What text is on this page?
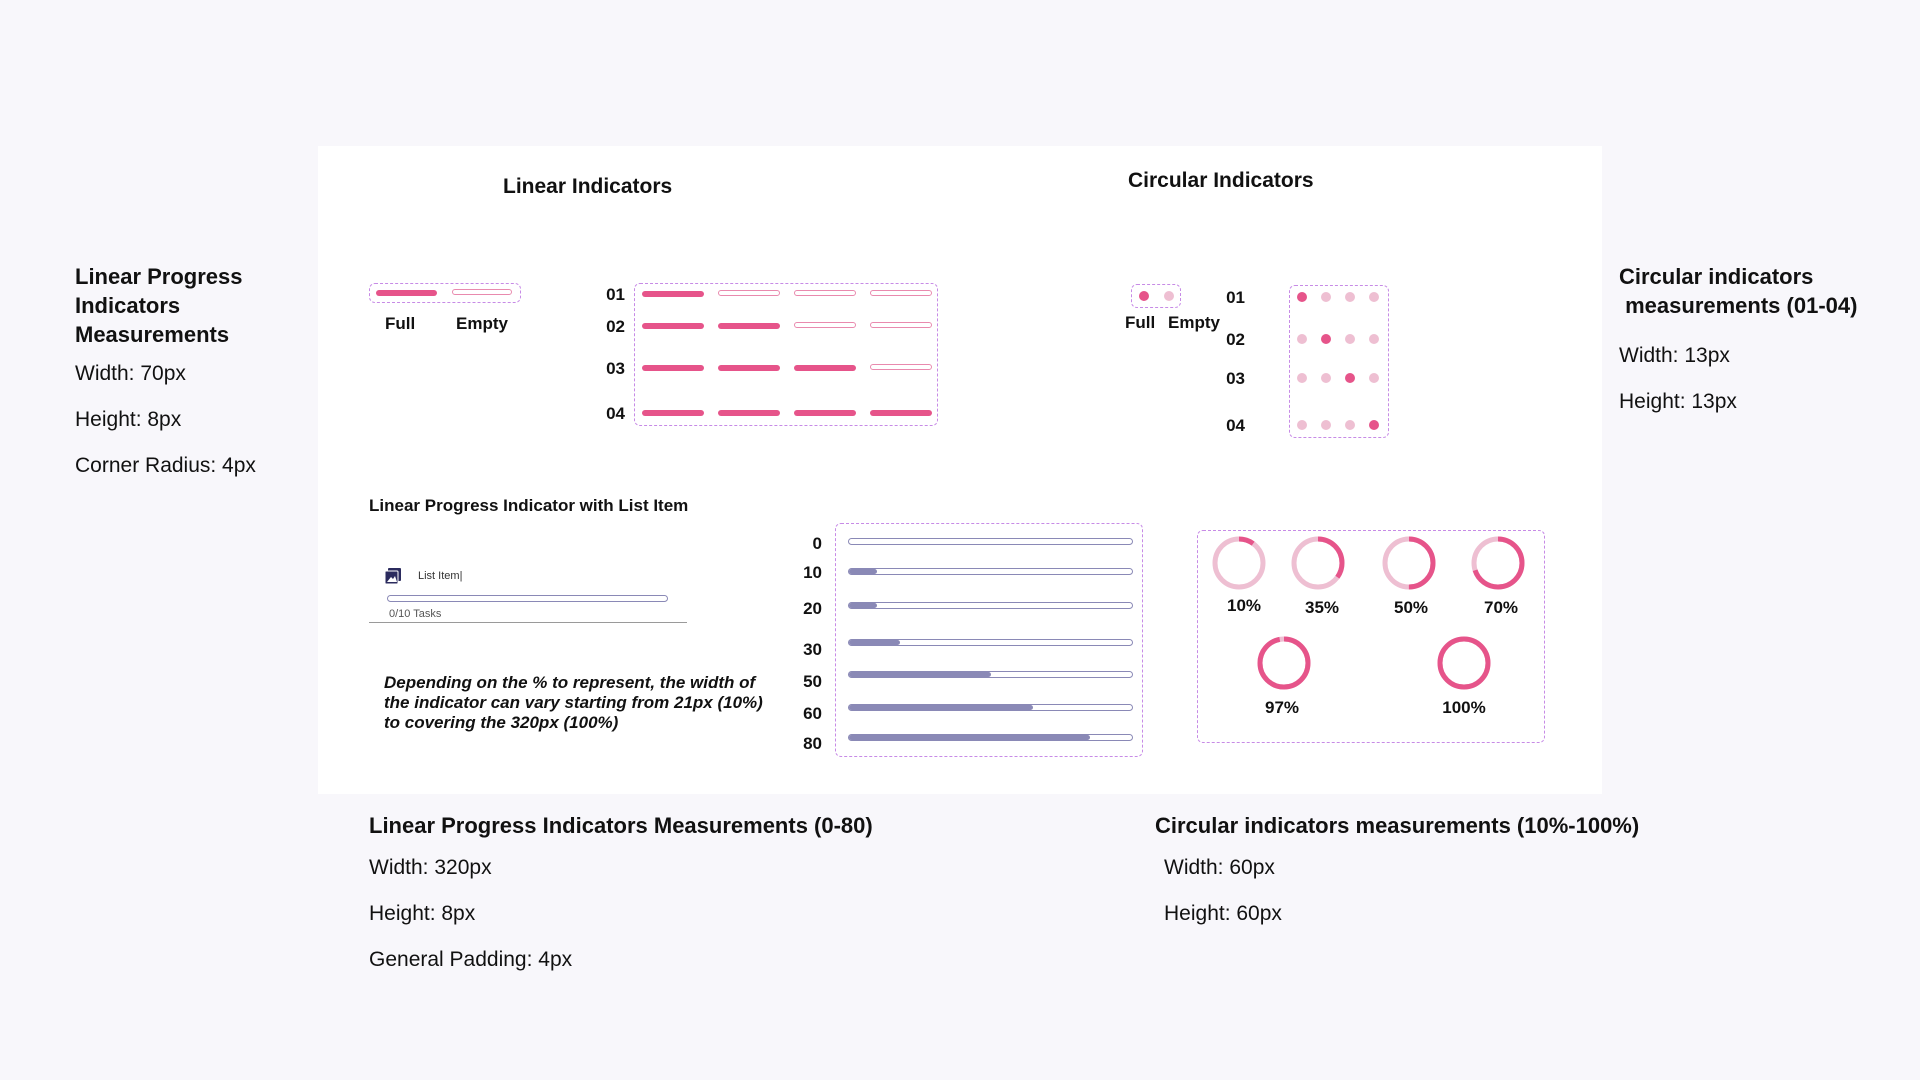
Linear Progress
Indicators
Measurements
Width: 70px
Height: 8px
Corner Radius: 4px
Circular indicators
measurements (01-04)
Width: 13px
Height: 13px
Linear Indicators
Full Empty
01
02
03
04
Circular Indicators
Full Empty
01
02
03
04
Linear Progress Indicator with List Item
List Item|
0/10 Tasks
Depending on the % to represent, the width of
the indicator can vary starting from 21px (10%)
to covering the 320px (100%)
0
10
20
30
50
60
80
10%	35%	50%	70%
97%	100%
Linear Progress Indicators Measurements (0-80)
Width: 320px
Height: 8px
General Padding: 4px
Circular indicators measurements (10%-100%)
Width: 60px
Height: 60px
